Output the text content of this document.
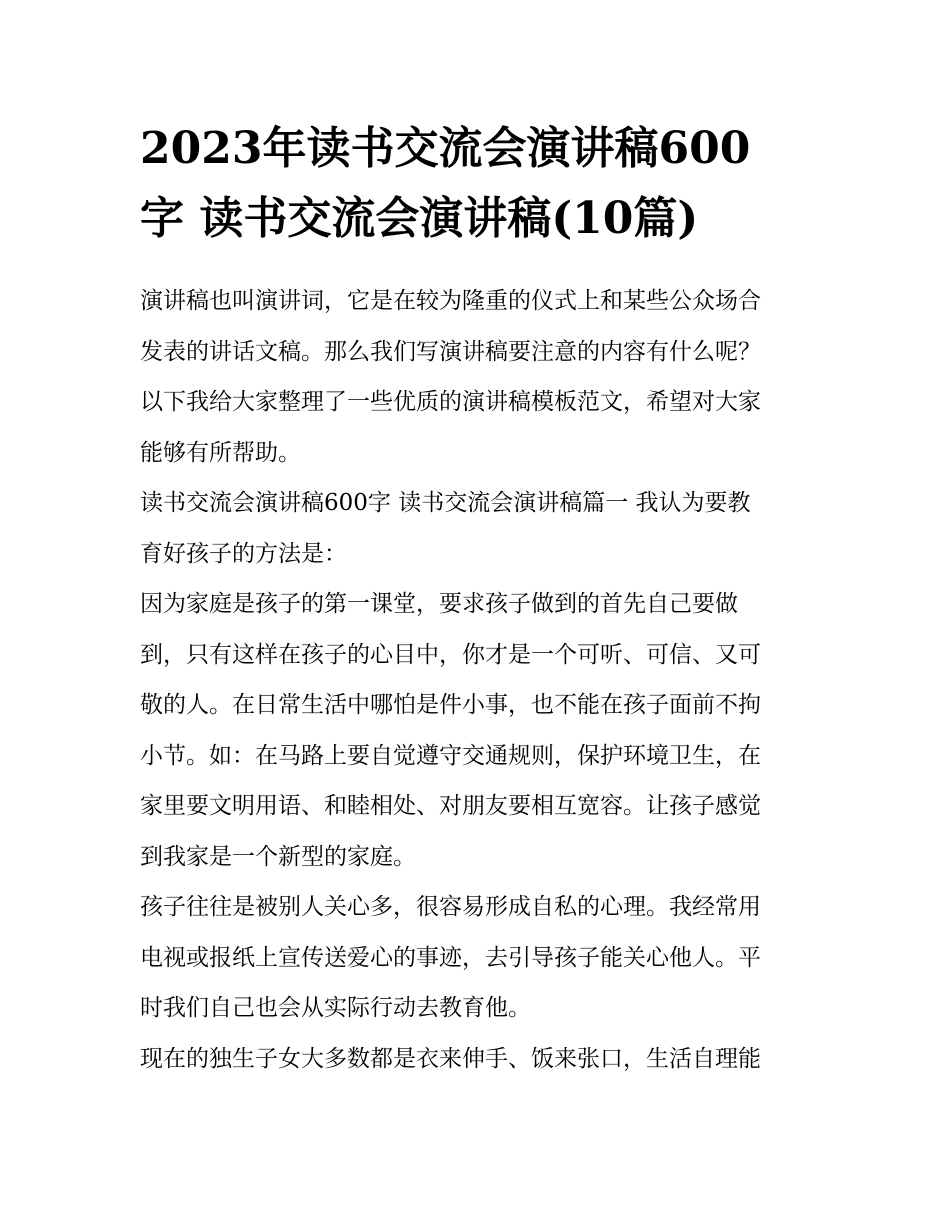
2023年读书交流会演讲稿600
字 读书交流会演讲稿(10篇)
演讲稿也叫演讲词，它是在较为隆重的仪式上和某些公众场合
发表的讲话文稿。那么我们写演讲稿要注意的内容有什么呢？
以下我给大家整理了一些优质的演讲稿模板范文，希望对大家
能够有所帮助。
读书交流会演讲稿600字 读书交流会演讲稿篇一 我认为要教
育好孩子的方法是：
因为家庭是孩子的第一课堂，要求孩子做到的首先自己要做
到，只有这样在孩子的心目中，你才是一个可听、可信、又可
敬的人。在日常生活中哪怕是件小事，也不能在孩子面前不拘
小节。如：在马路上要自觉遵守交通规则，保护环境卫生，在
家里要文明用语、和睦相处、对朋友要相互宽容。让孩子感觉
到我家是一个新型的家庭。
孩子往往是被别人关心多，很容易形成自私的心理。我经常用
电视或报纸上宣传送爱心的事迹，去引导孩子能关心他人。平
时我们自己也会从实际行动去教育他。
现在的独生子女大多数都是衣来伸手、饭来张口，生活自理能
